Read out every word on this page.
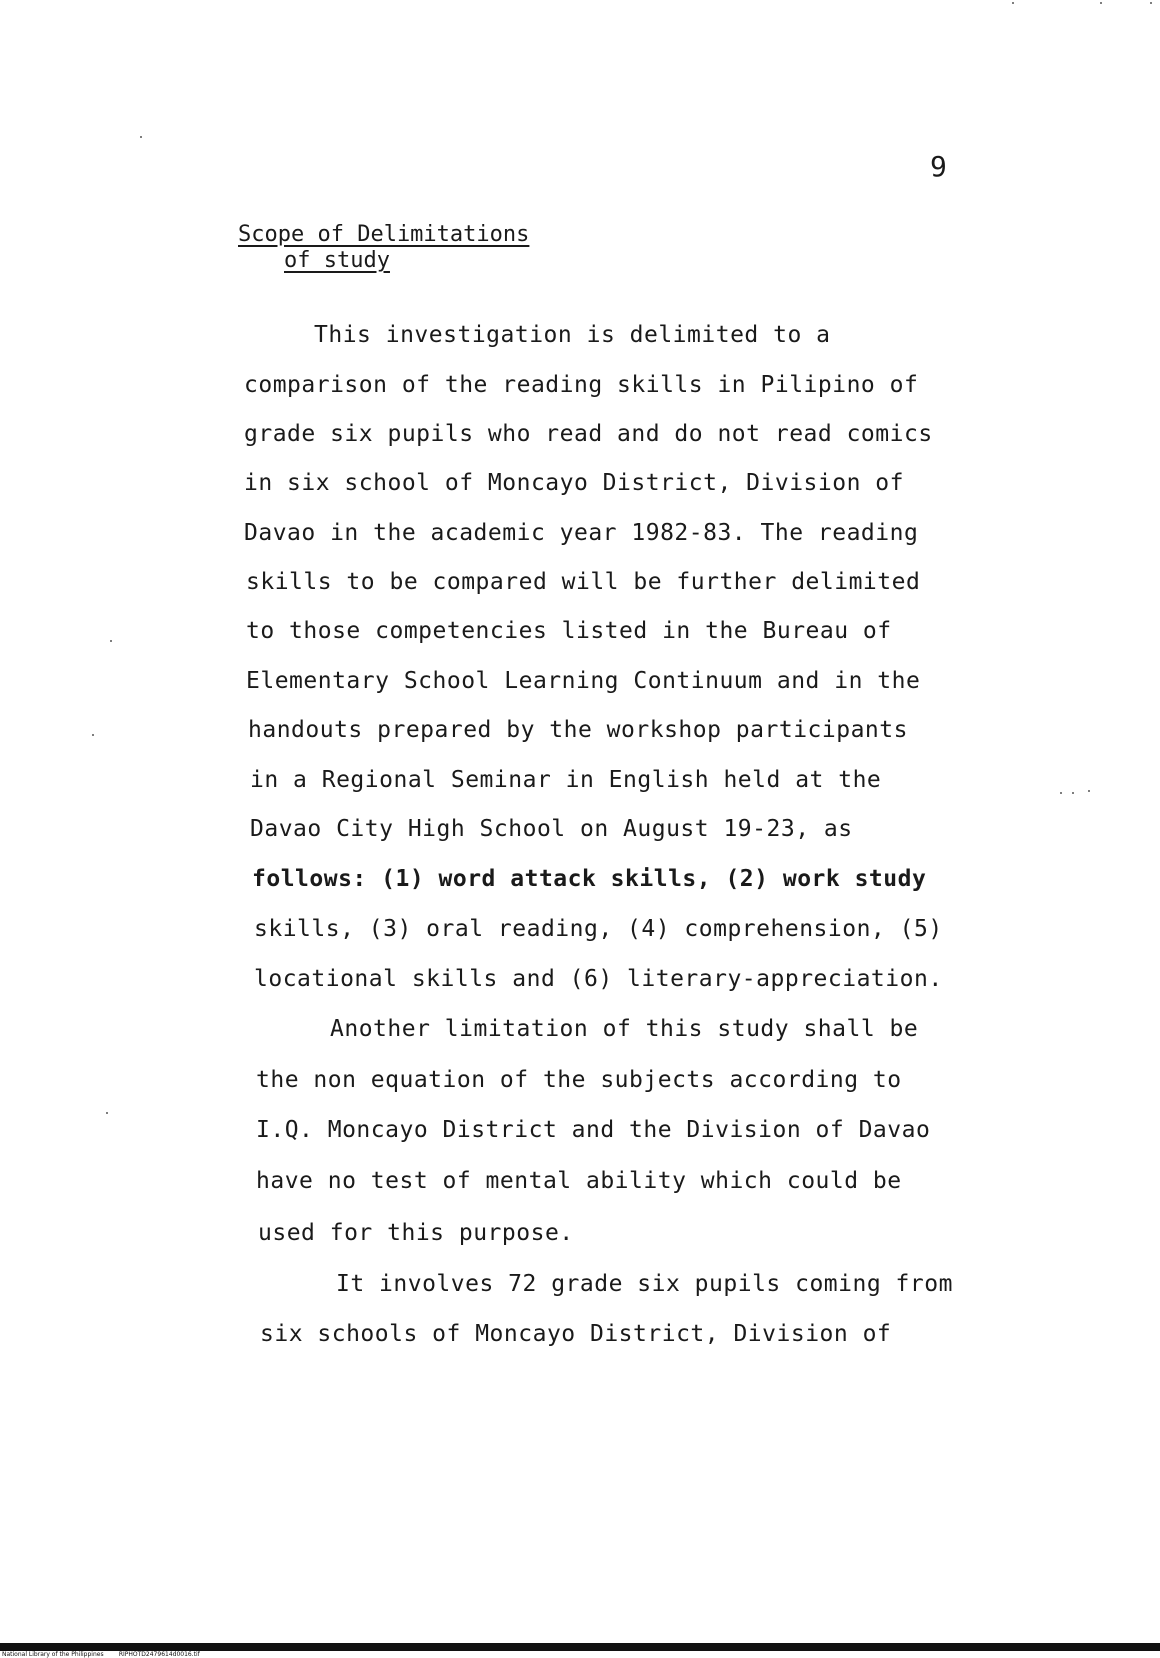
9
Scope of Delimitations
of study
This investigation is delimited to a
comparison of the reading skills in Pilipino of
grade six pupils who read and do not read comics
in six school of Moncayo District, Division of
Davao in the academic year 1982-83. The reading
skills to be compared will be further delimited
to those competencies listed in the Bureau of
Elementary School Learning Continuum and in the
handouts prepared by the workshop participants
in a Regional Seminar in English held at the
Davao City High School on August 19-23, as
follows: (1) word attack skills, (2) work study
skills, (3) oral reading, (4) comprehension, (5)
locational skills and (6) literary-appreciation.
Another limitation of this study shall be
the non equation of the subjects according to
I.Q. Moncayo District and the Division of Davao
have no test of mental ability which could be
used for this purpose.
It involves 72 grade six pupils coming from
six schools of Moncayo District, Division of
National Library of the Philippines	RIPHOTD2479614d0016.tif
